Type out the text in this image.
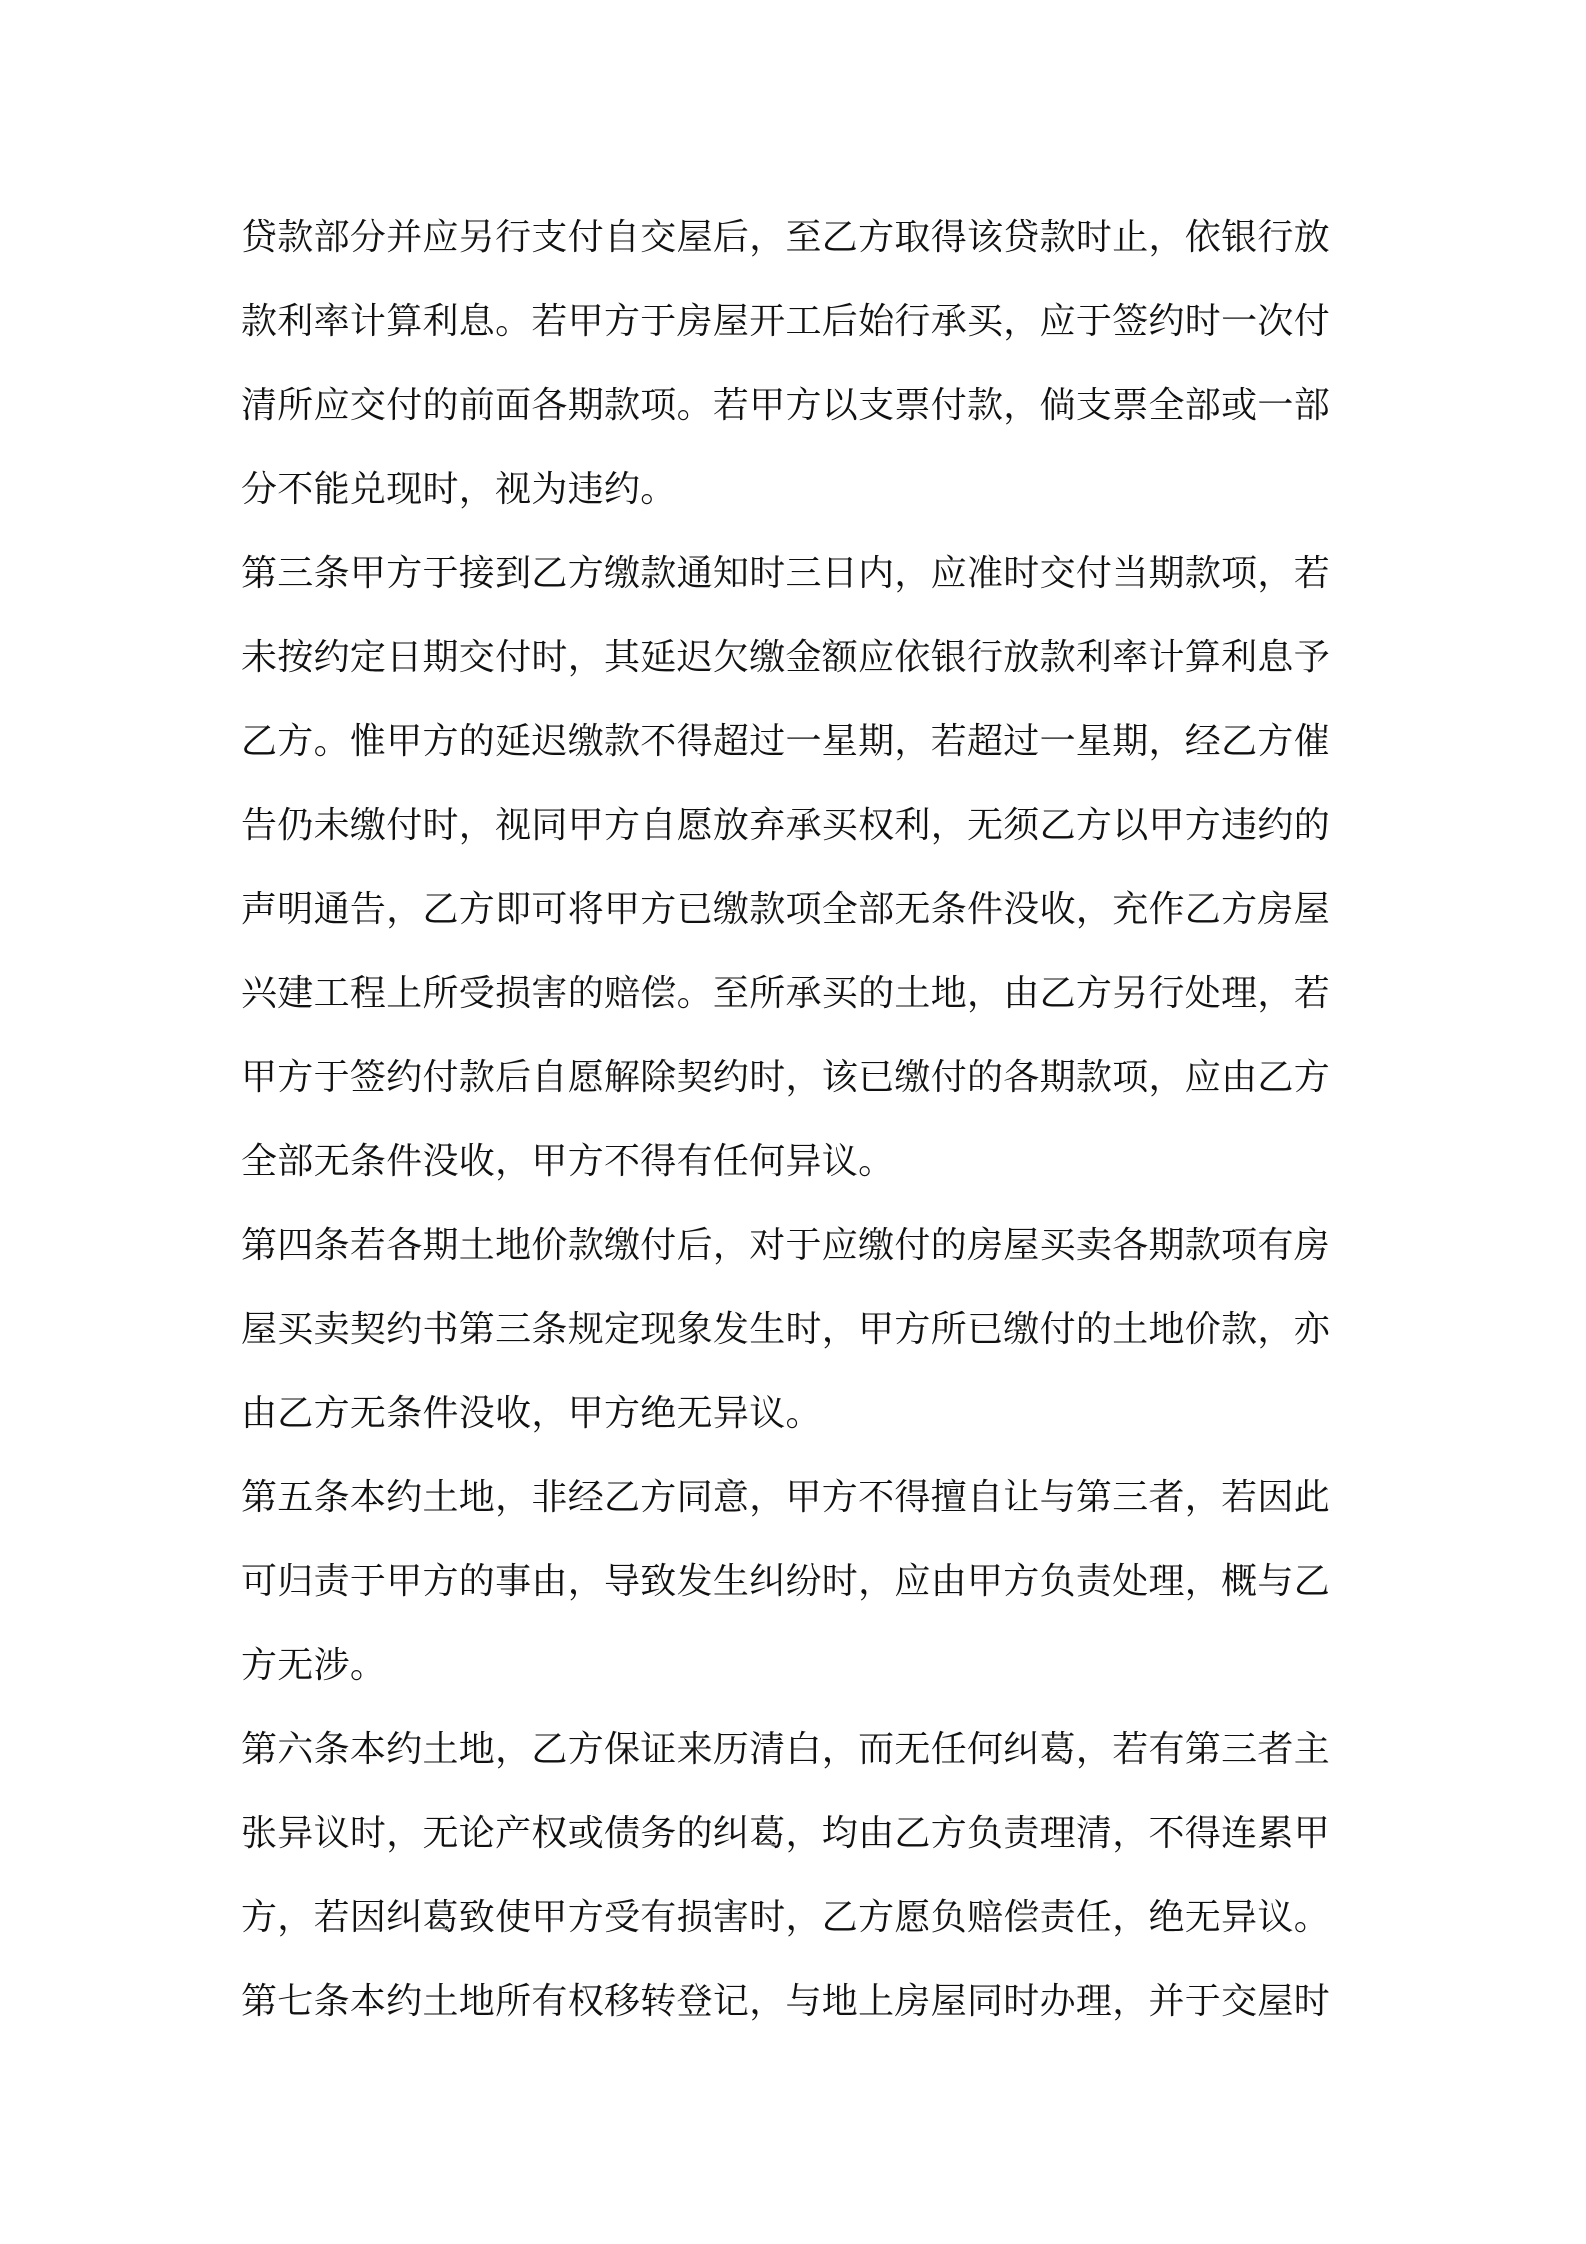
贷款部分并应另行支付自交屋后，至乙方取得该贷款时止，依银行放
款利率计算利息。若甲方于房屋开工后始行承买，应于签约时一次付
清所应交付的前面各期款项。若甲方以支票付款，倘支票全部或一部
分不能兑现时，视为违约。
第三条甲方于接到乙方缴款通知时三日内，应准时交付当期款项，若
未按约定日期交付时，其延迟欠缴金额应依银行放款利率计算利息予
乙方。惟甲方的延迟缴款不得超过一星期，若超过一星期，经乙方催
告仍未缴付时，视同甲方自愿放弃承买权利，无须乙方以甲方违约的
声明通告，乙方即可将甲方已缴款项全部无条件没收，充作乙方房屋
兴建工程上所受损害的赔偿。至所承买的土地，由乙方另行处理，若
甲方于签约付款后自愿解除契约时，该已缴付的各期款项，应由乙方
全部无条件没收，甲方不得有任何异议。
第四条若各期土地价款缴付后，对于应缴付的房屋买卖各期款项有房
屋买卖契约书第三条规定现象发生时，甲方所已缴付的土地价款，亦
由乙方无条件没收，甲方绝无异议。
第五条本约土地，非经乙方同意，甲方不得擅自让与第三者，若因此
可归责于甲方的事由，导致发生纠纷时，应由甲方负责处理，概与乙
方无涉。
第六条本约土地，乙方保证来历清白，而无任何纠葛，若有第三者主
张异议时，无论产权或债务的纠葛，均由乙方负责理清，不得连累甲
方，若因纠葛致使甲方受有损害时，乙方愿负赔偿责任，绝无异议。
第七条本约土地所有权移转登记，与地上房屋同时办理，并于交屋时
